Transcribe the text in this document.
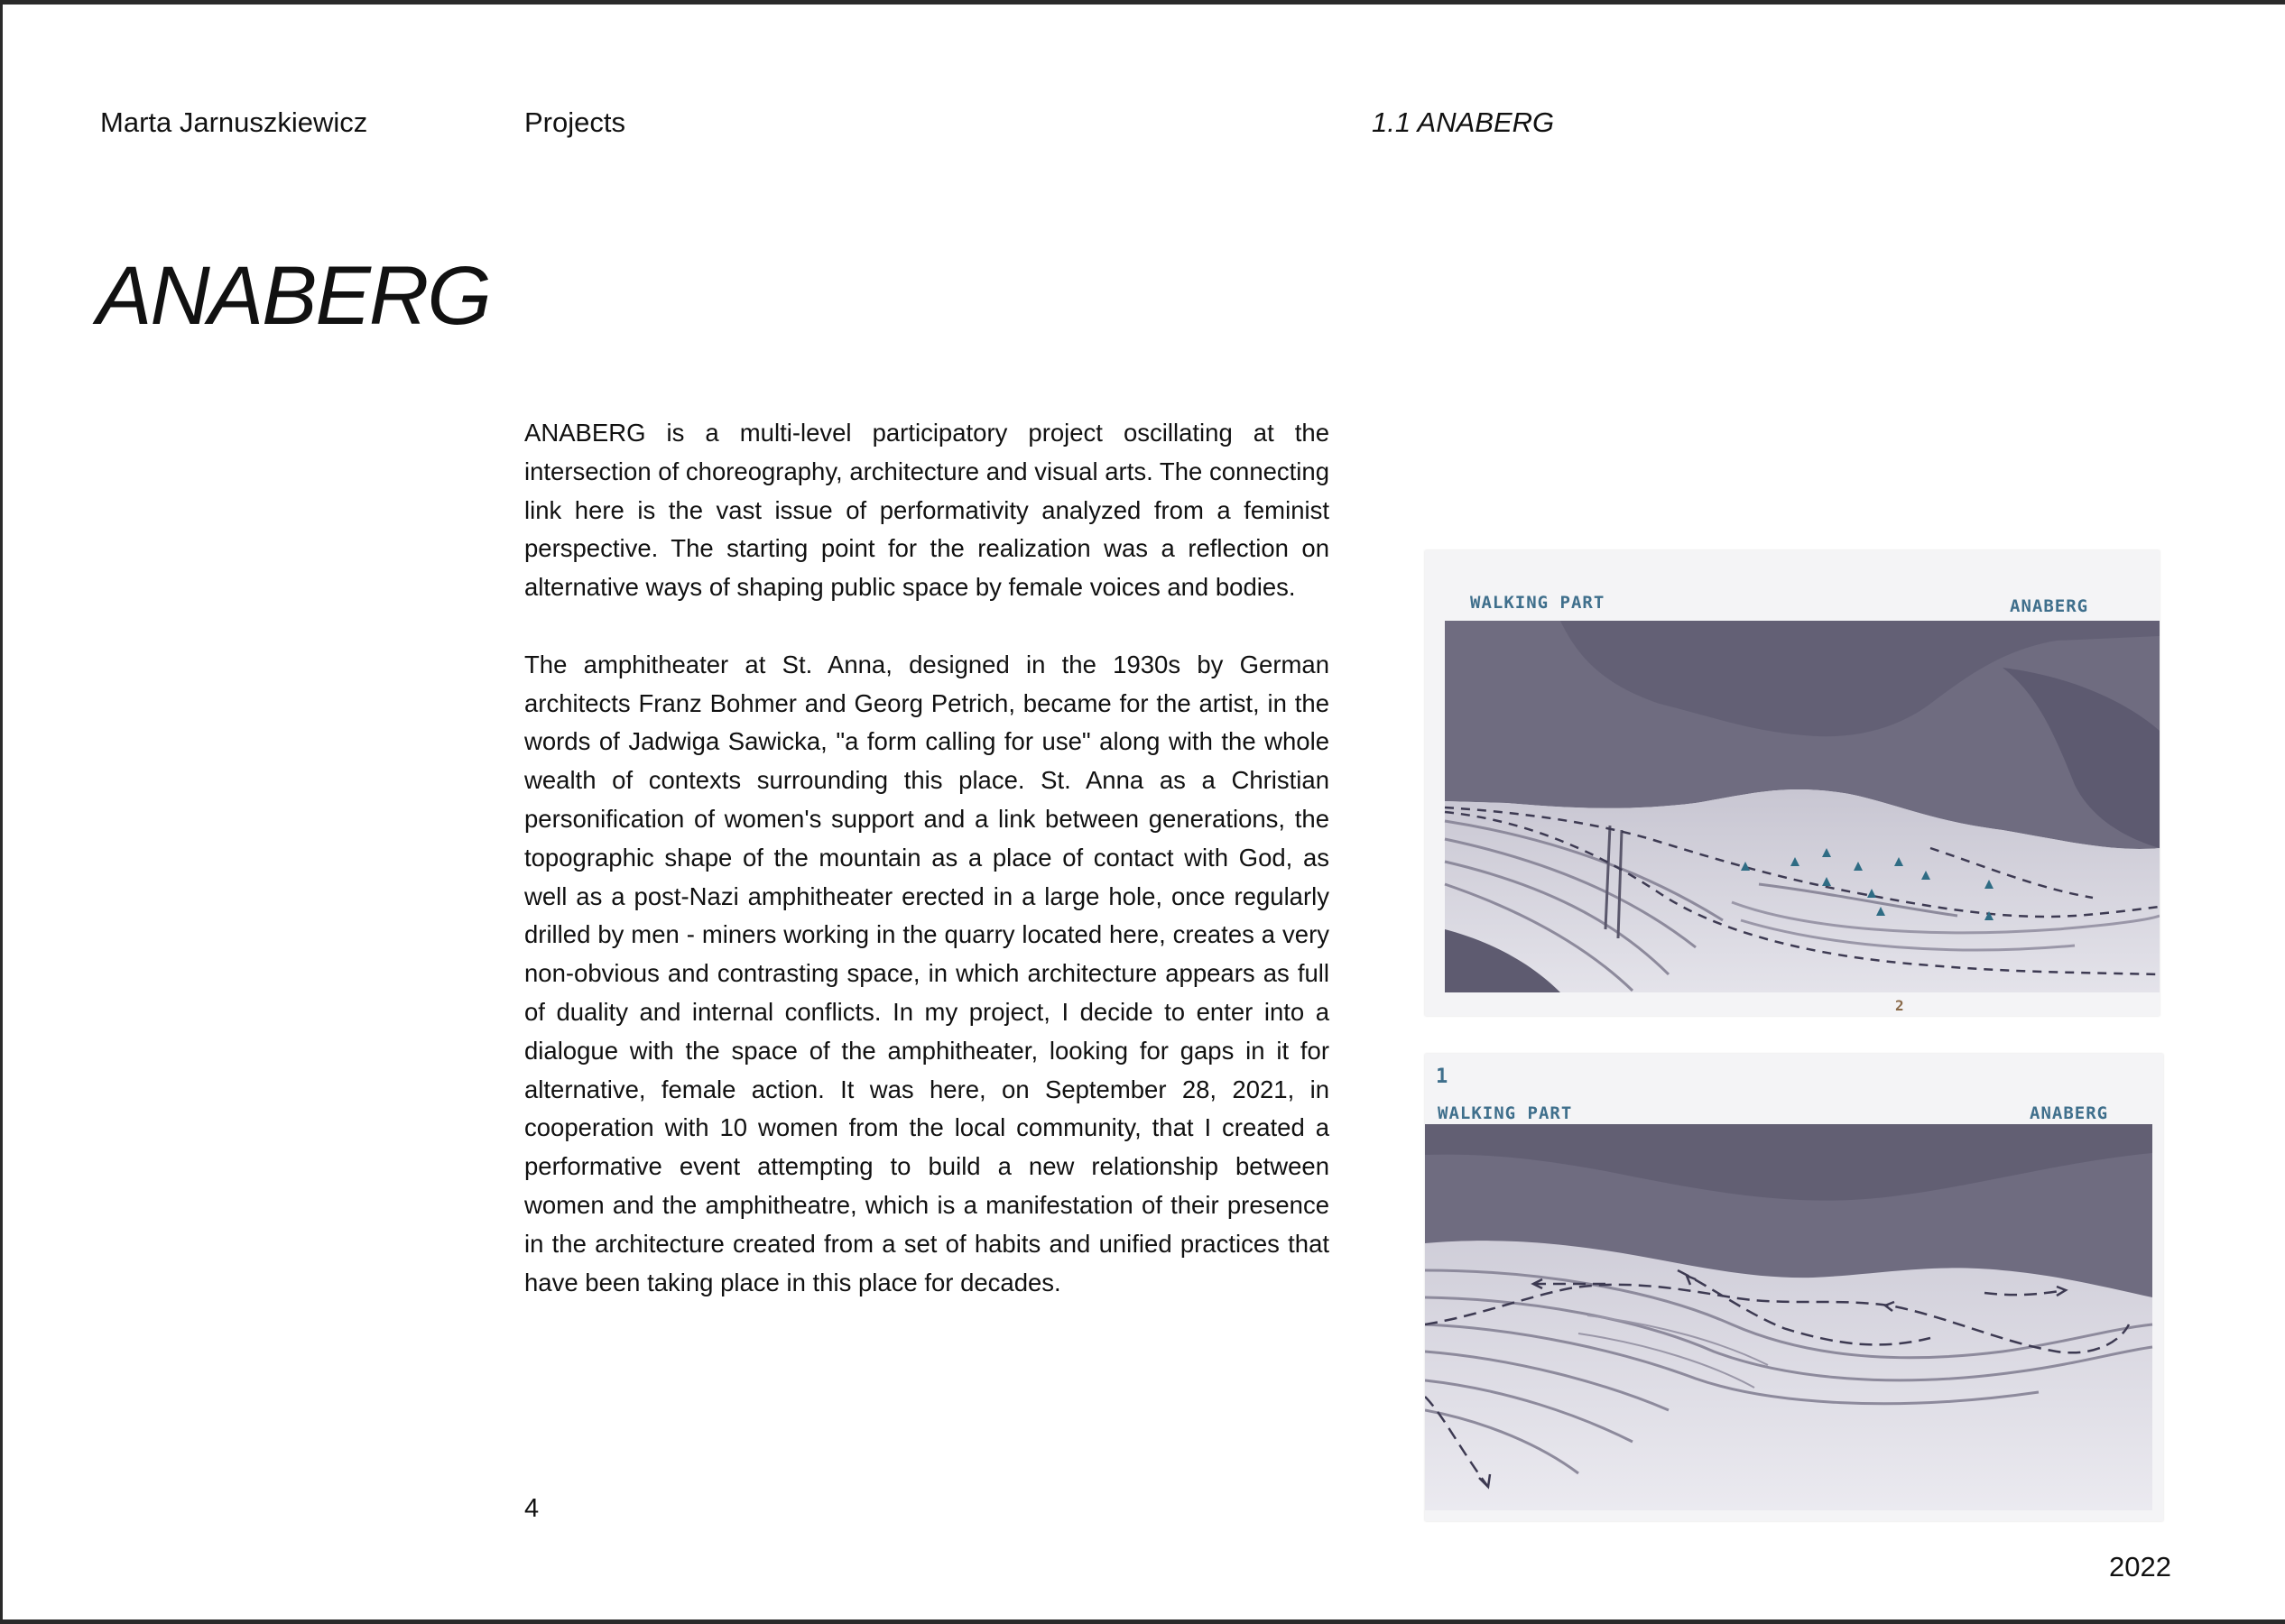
Marta Jarnuszkiewicz	Projects	1.1 ANABERG
ANABERG

ANABERG is a multi-level participatory project oscillating at the intersection of choreography, architecture and visual arts. The connecting link here is the vast issue of performativity analyzed from a feminist perspective. The starting point for the realization was a reflection on alternative ways of shaping public space by female voices and bodies.

The amphitheater at St. Anna, designed in the 1930s by German architects Franz Bohmer and Georg Petrich, became for the artist, in the words of Jadwiga Sawicka, "a form calling for use" along with the whole wealth of contexts surrounding this place. St. Anna as a Christian personification of women's support and a link between generations, the topographic shape of the mountain as a place of contact with God, as well as a post-Nazi amphitheater erected in a large hole, once regularly drilled by men - miners working in the quarry located here, creates a very non-obvious and contrasting space, in which architecture appears as full of duality and internal conflicts. In my project, I decide to enter into a dialogue with the space of the amphitheater, looking for gaps in it for alternative, female action. It was here, on September 28, 2021, in cooperation with 10 women from the local community, that I created a performative event attempting to build a new relationship between women and the amphitheatre, which is a manifestation of their presence in the architecture created from a set of habits and unified practices that have been taking place in this place for decades.

4
2022
WALKING PART	ANABERG
2
1
WALKING PART	ANABERG
